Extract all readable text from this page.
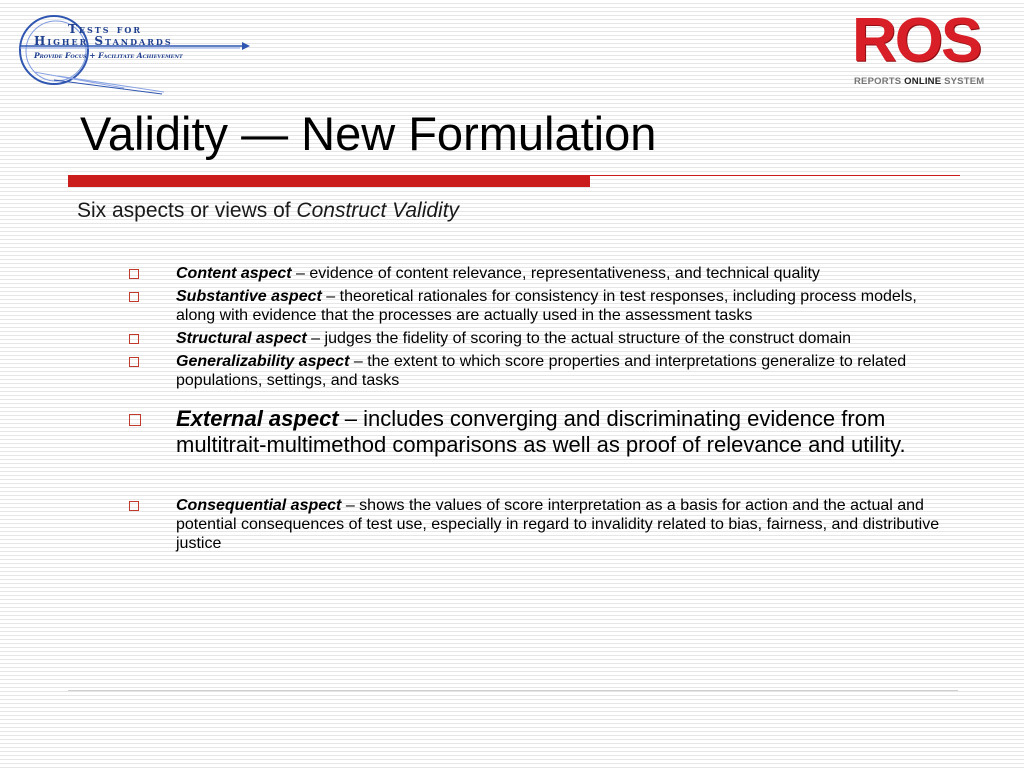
Tests for
Higher Standards
Provide Focus + Facilitate Achievement	ROS
REPORTS ONLINE SYSTEM
Validity — New Formulation
Six aspects or views of Construct Validity
Content aspect – evidence of content relevance, representativeness, and technical quality
Substantive aspect – theoretical rationales for consistency in test responses, including process models, along with evidence that the processes are actually used in the assessment tasks
Structural aspect – judges the fidelity of scoring to the actual structure of the construct domain
Generalizability aspect – the extent to which score properties and interpretations generalize to related populations, settings, and tasks
External aspect – includes converging and discriminating evidence from multitrait-multimethod comparisons as well as proof of relevance and utility.
Consequential aspect – shows the values of score interpretation as a basis for action and the actual and potential consequences of test use, especially in regard to invalidity related to bias, fairness, and distributive justice
